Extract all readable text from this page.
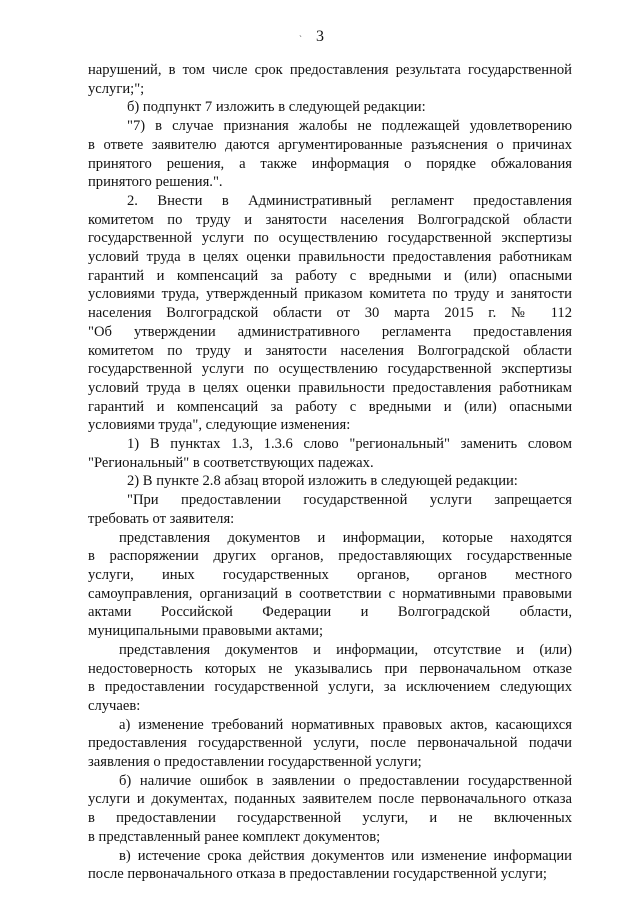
3
`

нарушений, в том числе срок предоставления результата государственной
услуги;";

б) подпункт 7 изложить в следующей редакции:

"7) в случае признания жалобы не подлежащей удовлетворению
в ответе заявителю даются аргументированные разъяснения о причинах
принятого решения, а также информация о порядке обжалования
принятого решения.".

2. Внести в Административный регламент предоставления
комитетом по труду и занятости населения Волгоградской области
государственной услуги по осуществлению государственной экспертизы
условий труда в целях оценки правильности предоставления работникам
гарантий и компенсаций за работу с вредными и (или) опасными
условиями труда, утвержденный приказом комитета по труду и занятости
населения Волгоградской области от 30 марта 2015 г. № 112
"Об утверждении административного регламента предоставления
комитетом по труду и занятости населения Волгоградской области
государственной услуги по осуществлению государственной экспертизы
условий труда в целях оценки правильности предоставления работникам
гарантий и компенсаций за работу с вредными и (или) опасными
условиями труда", следующие изменения:

1) В пунктах 1.3, 1.3.6 слово "региональный" заменить словом
"Региональный" в соответствующих падежах.

2) В пункте 2.8 абзац второй изложить в следующей редакции:

"При предоставлении государственной услуги запрещается
требовать от заявителя:

представления документов и информации, которые находятся
в распоряжении других органов, предоставляющих государственные
услуги, иных государственных органов, органов местного
самоуправления, организаций в соответствии с нормативными правовыми
актами Российской Федерации и Волгоградской области,
муниципальными правовыми актами;

представления документов и информации, отсутствие и (или)
недостоверность которых не указывались при первоначальном отказе
в предоставлении государственной услуги, за исключением следующих
случаев:

а) изменение требований нормативных правовых актов, касающихся
предоставления государственной услуги, после первоначальной подачи
заявления о предоставлении государственной услуги;

б) наличие ошибок в заявлении о предоставлении государственной
услуги и документах, поданных заявителем после первоначального отказа
в предоставлении государственной услуги, и не включенных
в представленный ранее комплект документов;

в) истечение срока действия документов или изменение информации
после первоначального отказа в предоставлении государственной услуги;
